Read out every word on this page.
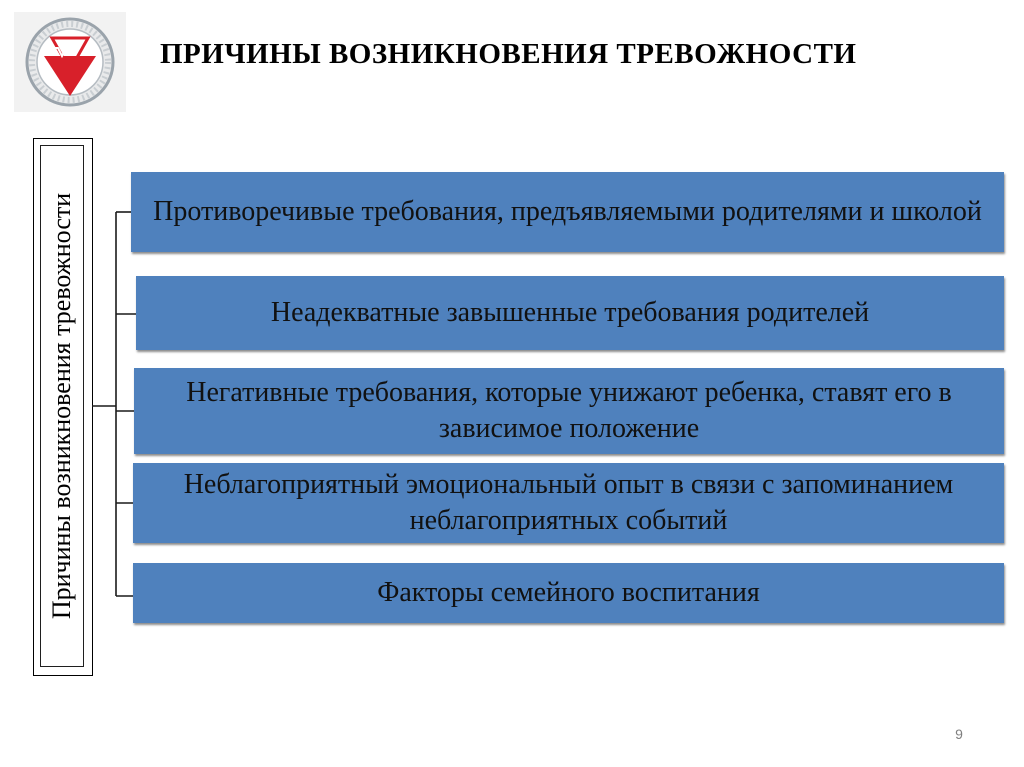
ПРИЧИНЫ ВОЗНИКНОВЕНИЯ ТРЕВОЖНОСТИ
Причины возникновения тревожности	Противоречивые требования, предъявляемыми родителями и школой
Неадекватные завышенные требования родителей
Негативные требования, которые унижают ребенка, ставят его в зависимое положение
Неблагоприятный эмоциональный опыт в связи с запоминанием неблагоприятных событий
Факторы семейного воспитания
9
